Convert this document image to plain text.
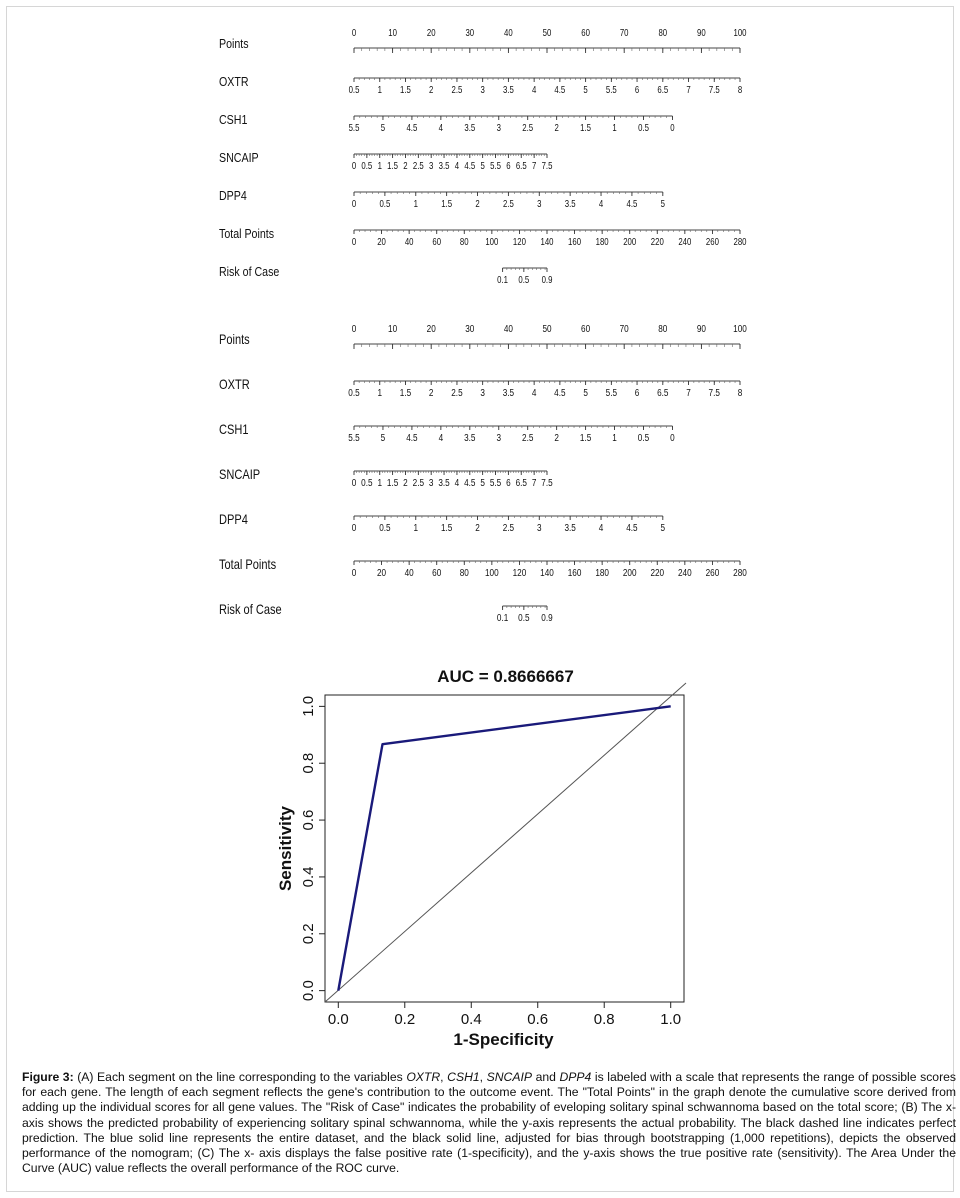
Points
0	10	20	30	40	50	60	70	80	90	100
OXTR
0.5 1 1.5 2 2.5 3 3.5 4 4.5 5 5.5 6 6.5 7 7.5 8
CSH1
5.5 5 4.5 4 3.5 3 2.5 2 1.5 1 0.5 0
SNCAIP
0 0.5 1 1.5 2 2.5 3 3.5 4 4.5 5 5.5 6 6.5 7 7.5
DPP4
0 0.5 1 1.5 2 2.5 3 3.5 4 4.5 5
Total Points
0 20 40 60 80 100 120 140 160 180 200 220 240 260 280
Risk of Case
0.1 0.5 0.9
Points
0	10	20	30	40	50	60	70	80	90	100
OXTR	0.5 1 1.5 2 2.5 3 3.5 4 4.5 5 5.5 6 6.5 7 7.5 8
CSH1	5.5 5 4.5 4 3.5 3 2.5 2 1.5 1 0.5 0
SNCAIP	0 0.5 1 1.5 2 2.5 3 3.5 4 4.5 5 5.5 6 6.5 7 7.5
DPP4	0 0.5 1 1.5 2 2.5 3 3.5 4 4.5 5
Total Points	0 20 40 60 80 100 120 140 160 180 200 220 240 260 280
Risk of Case	0.1 0.5 0.9
AUC = 0.8666667
0.0	0.2	0.4	0.6	0.8	1.0
0.0
0.2
0.4
0.6
0.8
1.0
1-Specificity
Sensitivity
Figure 3: (A) Each segment on the line corresponding to the variables OXTR, CSH1, SNCAIP and DPP4 is labeled with a scale that represents the range of possible scores for each gene. The length of each segment reflects the gene's contribution to the outcome event. The "Total Points" in the graph denote the cumulative score derived from adding up the individual scores for all gene values. The "Risk of Case" indicates the probability of eveloping solitary spinal schwannoma based on the total score; (B) The x-axis shows the predicted probability of experiencing solitary spinal schwannoma, while the y-axis represents the actual probability. The black dashed line indicates perfect prediction. The blue solid line represents the entire dataset, and the black solid line, adjusted for bias through bootstrapping (1,000 repetitions), depicts the observed performance of the nomogram; (C) The x- axis displays the false positive rate (1-specificity), and the y-axis shows the true positive rate (sensitivity). The Area Under the Curve (AUC) value reflects the overall performance of the ROC curve.
